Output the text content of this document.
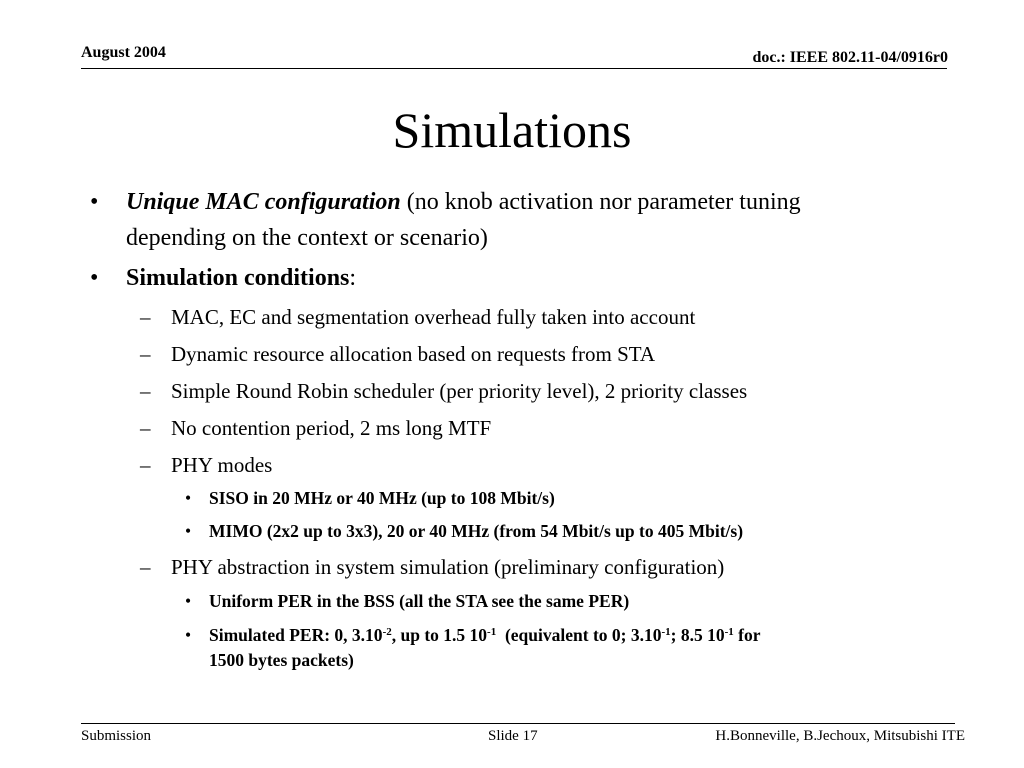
August 2004	doc.: IEEE 802.11-04/0916r0
Simulations
• Unique MAC configuration (no knob activation nor parameter tuning
depending on the context or scenario)
• Simulation conditions:
– MAC, EC and segmentation overhead fully taken into account
– Dynamic resource allocation based on requests from STA
– Simple Round Robin scheduler (per priority level), 2 priority classes
– No contention period, 2 ms long MTF
– PHY modes
• SISO in 20 MHz or 40 MHz (up to 108 Mbit/s)
• MIMO (2x2 up to 3x3), 20 or 40 MHz (from 54 Mbit/s up to 405 Mbit/s)
– PHY abstraction in system simulation (preliminary configuration)
• Uniform PER in the BSS (all the STA see the same PER)
• Simulated PER: 0, $3.10^{-2}$, up to 1.5 $10^{-1}$  (equivalent to 0; $3.10^{-1}$; 8.5 $10^{-1}$ for
1500 bytes packets)
Submission	Slide 17	H.Bonneville, B.Jechoux, Mitsubishi ITE
